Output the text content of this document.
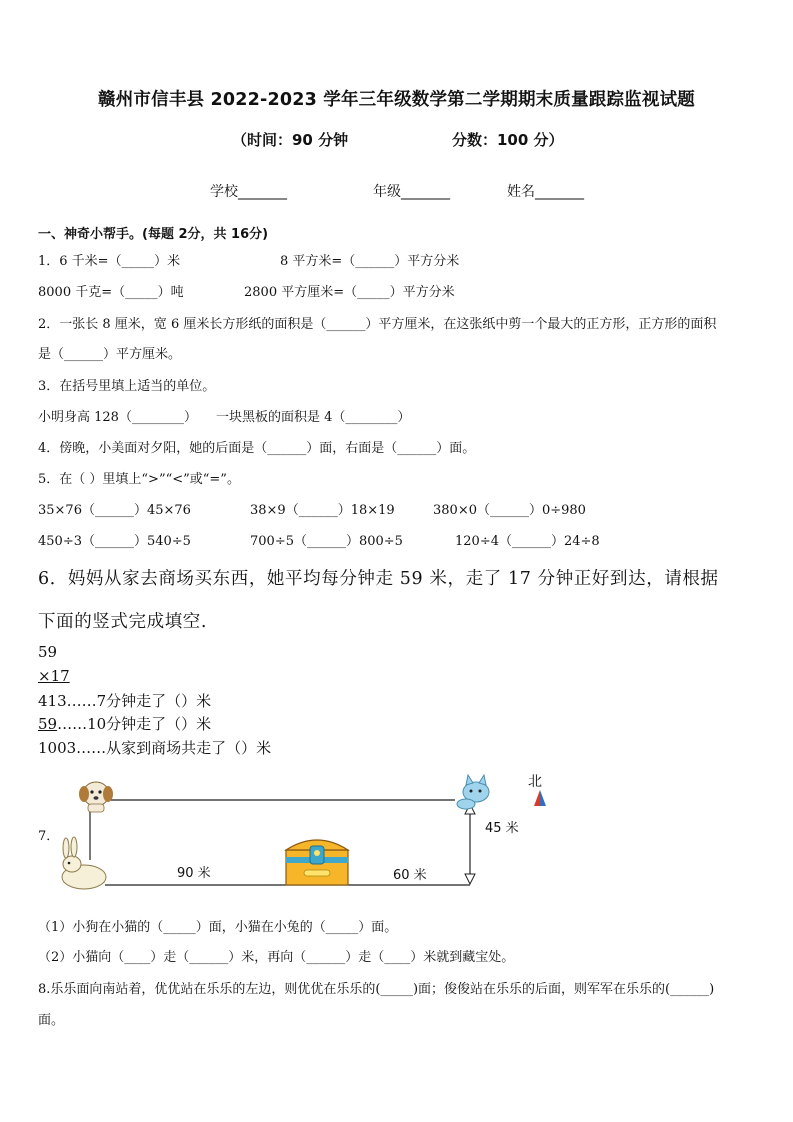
赣州市信丰县 2022-2023 学年三年级数学第二学期期末质量跟踪监视试题
（时间：90 分钟	分数：100 分）
学校_______	年级_______	姓名_______
一、神奇小帮手。(每题 2分，共 16分)
1．6 千米=（_____）米	8 平方米=（______）平方分米
8000 千克=（_____）吨	2800 平方厘米=（_____）平方分米
2．一张长 8 厘米，宽 6 厘米长方形纸的面积是（______）平方厘米，在这张纸中剪一个最大的正方形，正方形的面积
是（______）平方厘米。
3．在括号里填上适当的单位。
小明身高 128（________） 一块黑板的面积是 4（________）
4．傍晚，小美面对夕阳，她的后面是（______）面，右面是（______）面。
5．在（ ）里填上“>”“<”或“=”。
35×76（______）45×76	38×9（______）18×19	380×0（______）0÷980
450÷3（______）540÷5	700÷5（______）800÷5	120÷4（______）24÷8
6．妈妈从家去商场买东西，她平均每分钟走 59 米，走了 17 分钟正好到达，请根据
下面的竖式完成填空.
59
×17
413……7分钟走了（）米
59……10分钟走了（）米
1003……从家到商场共走了（）米
北
45 米
90 米	60 米
7．
（1）小狗在小猫的（_____）面，小猫在小兔的（_____）面。
（2）小猫向（____）走（______）米，再向（______）走（____）米就到藏宝处。
8.乐乐面向南站着，优优站在乐乐的左边，则优优在乐乐的(_____)面；俊俊站在乐乐的后面，则军军在乐乐的(______)
面。
